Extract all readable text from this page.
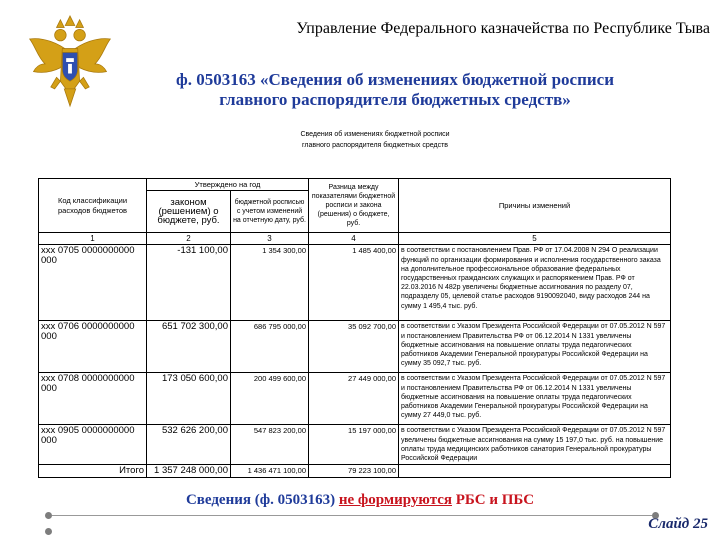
Управление Федерального казначейства по Республике Тыва
ф. 0503163 «Сведения об изменениях бюджетной росписи
главного распорядителя бюджетных средств»
Сведения об изменениях бюджетной росписи
главного распорядителя бюджетных средств
Код классификации расходов бюджетов	Утверждено на год		Разница между показателями бюджетной росписи и закона (решения) о бюджете, руб.	Причины изменений
	законом (решением) о бюджете, руб.	бюджетной росписью с учетом изменений на отчетную дату, руб.		
1	2	3	4	5
xxx 0705 0000000000 000	-131 100,00	1 354 300,00	1 485 400,00	в соответствии с постановлением Прав. РФ от 17.04.2008 N 294 О реализации функций по организации формирования и исполнения государственного заказа на дополнительное профессиональное образование федеральных государственных гражданских служащих и распоряжением Прав. РФ от 22.03.2016 N 482р увеличены бюджетные ассигнования по разделу 07, подразделу 05, целевой статье расходов 9190092040, виду расходов 244 на сумму 1 495,4 тыс. руб.
xxx 0706 0000000000 000	651 702 300,00	686 795 000,00	35 092 700,00	в соответствии с Указом Президента Российской Федерации от 07.05.2012 N 597 и постановлением Правительства РФ от 06.12.2014 N 1331 увеличены бюджетные ассигнования на повышение оплаты труда педагогических работников Академии Генеральной прокуратуры Российской Федерации на сумму 35 092,7 тыс. руб.
xxx 0708 0000000000 000	173 050 600,00	200 499 600,00	27 449 000,00	в соответствии с Указом Президента Российской Федерации от 07.05.2012 N 597 и постановлением Правительства РФ от 06.12.2014 N 1331 увеличены бюджетные ассигнования на повышение оплаты труда педагогических работников Академии Генеральной прокуратуры Российской Федерации на сумму 27 449,0 тыс. руб.
xxx 0905 0000000000 000	532 626 200,00	547 823 200,00	15 197 000,00	в соответствии с Указом Президента Российской Федерации от 07.05.2012 N 597 увеличены бюджетные ассигнования на сумму 15 197,0 тыс. руб. на повышение оплаты труда медицинских работников санатория Генеральной прокуратуры Российской Федерации
Итого	1 357 248 000,00	1 436 471 100,00	79 223 100,00	
Сведения (ф. 0503163) не формируются РБС и ПБС
Слайд 25
